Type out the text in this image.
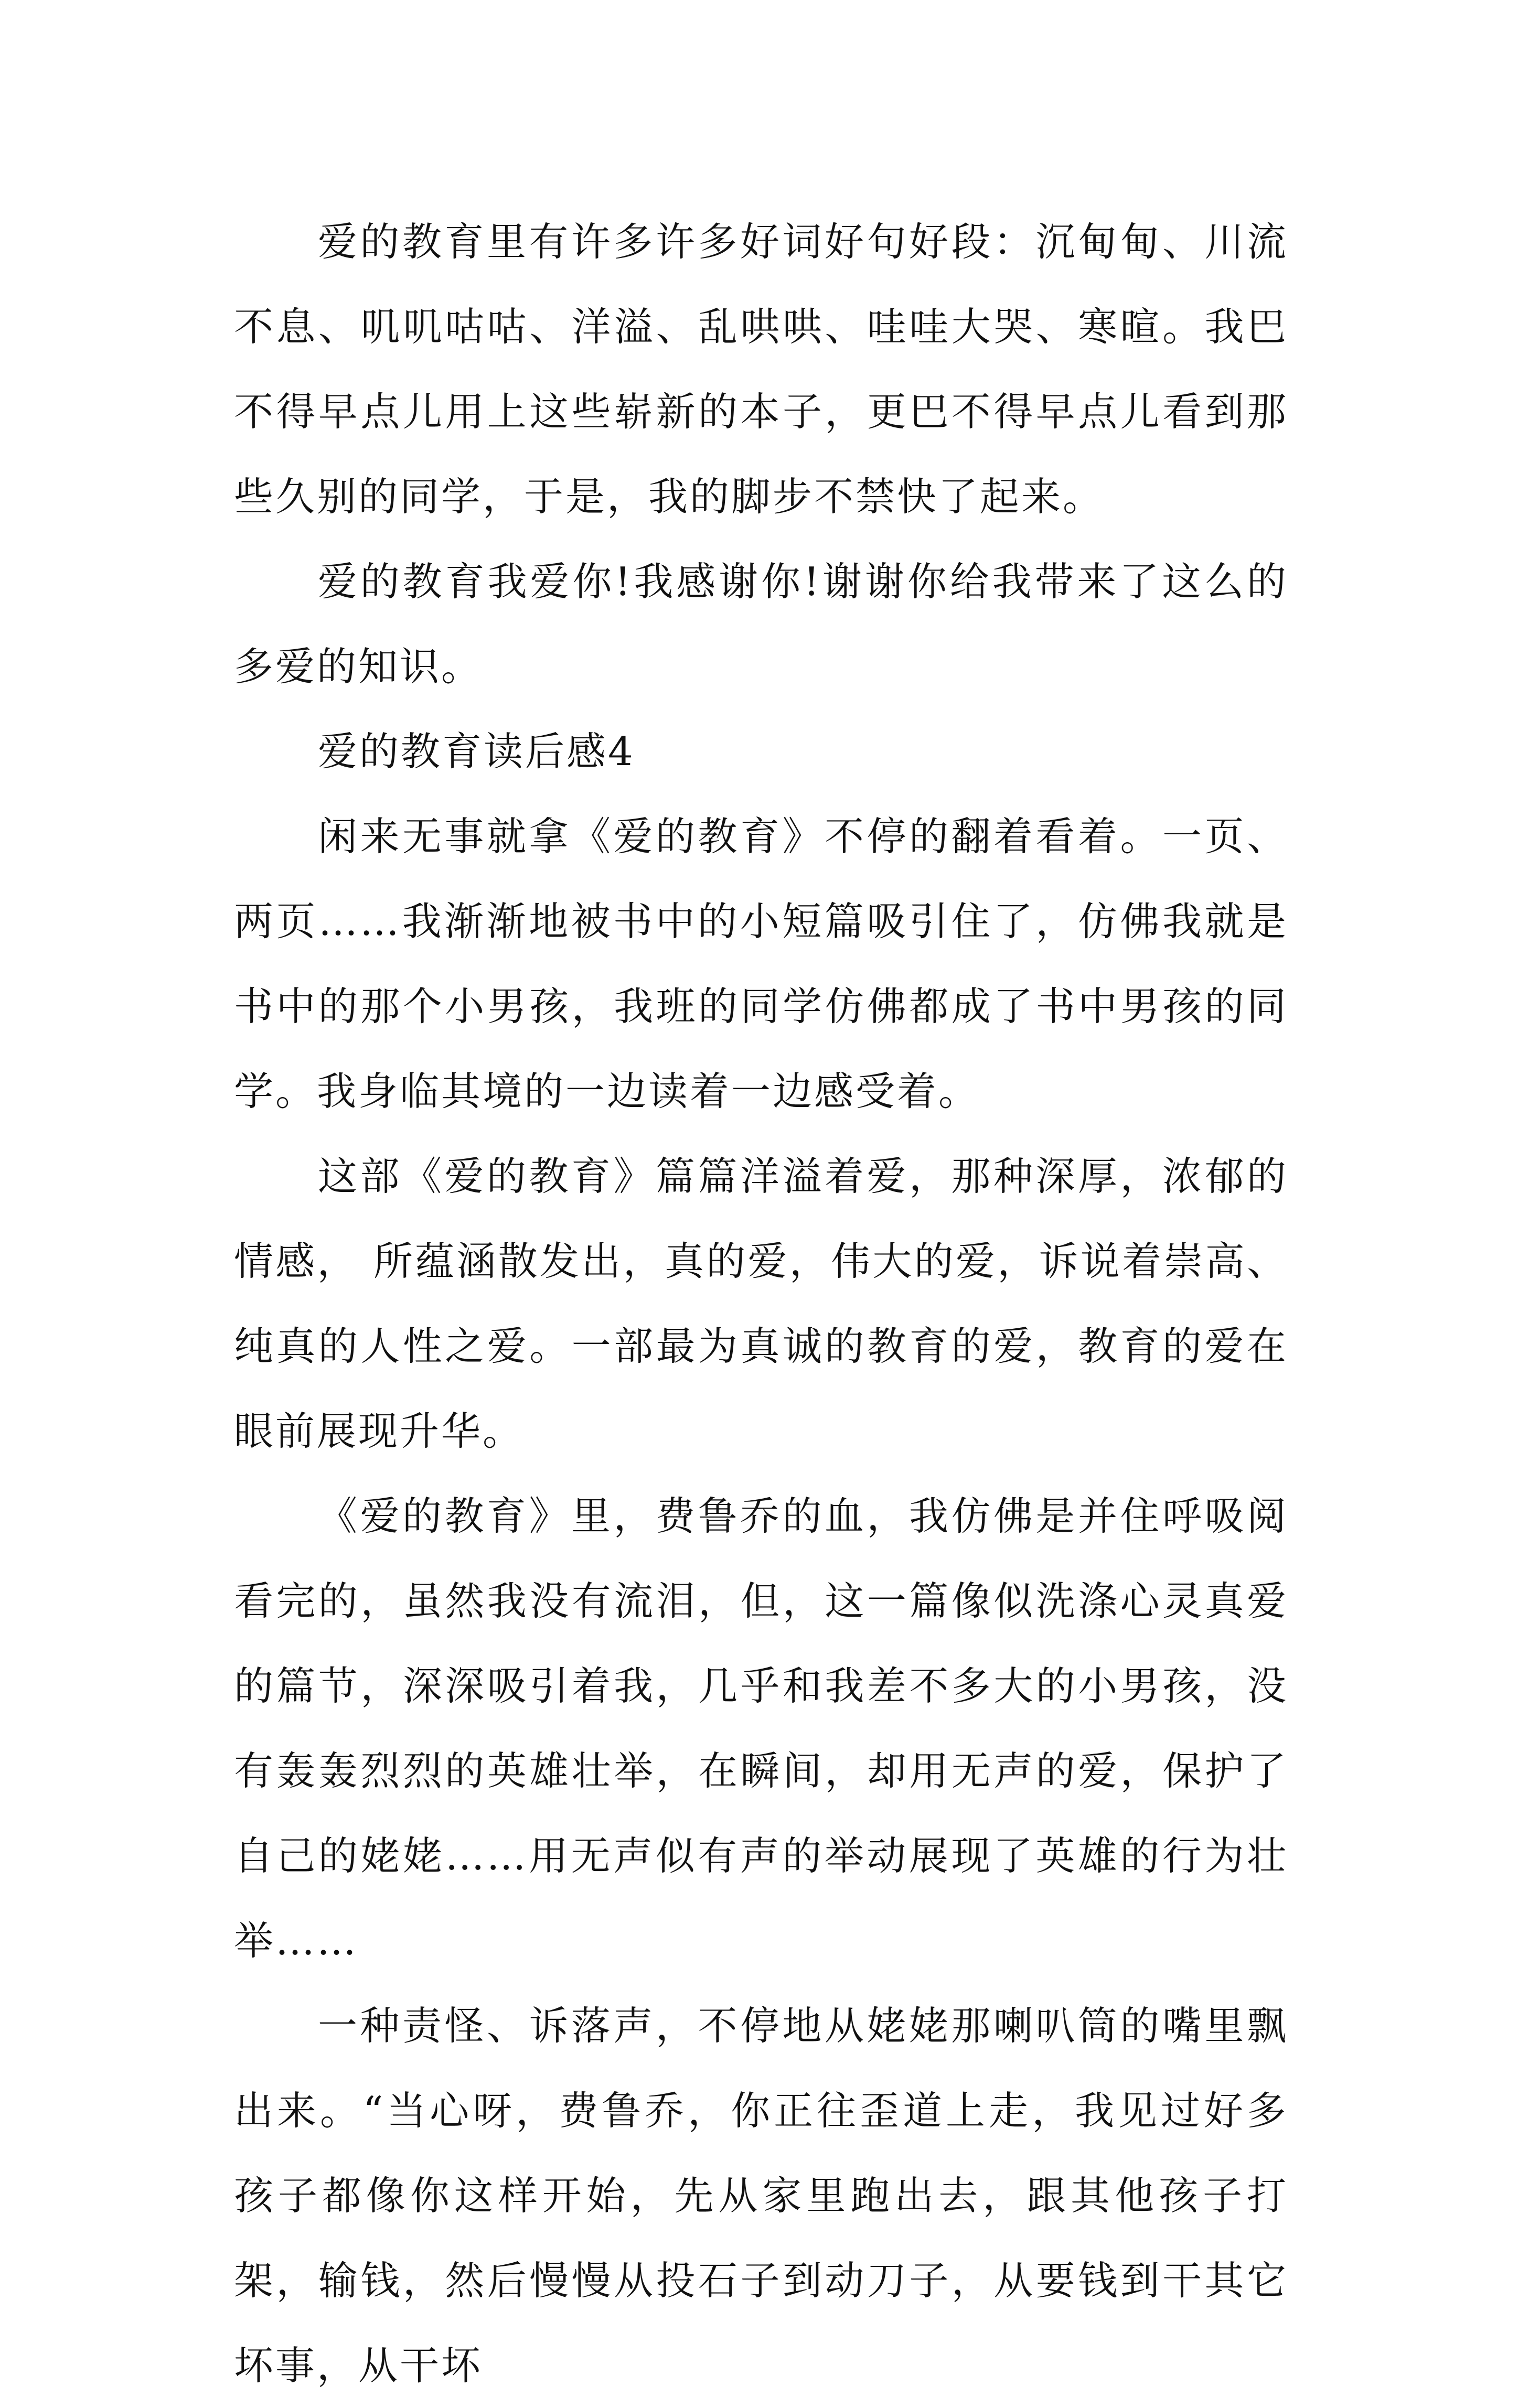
爱的教育里有许多许多好词好句好段：沉甸甸、川流不息、叽叽咕咕、洋溢、乱哄哄、哇哇大哭、寒暄。我巴不得早点儿用上这些崭新的本子，更巴不得早点儿看到那些久别的同学，于是，我的脚步不禁快了起来。

爱的教育我爱你!我感谢你!谢谢你给我带来了这么的多爱的知识。

爱的教育读后感4

闲来无事就拿《爱的教育》不停的翻着看着。一页、两页……我渐渐地被书中的小短篇吸引住了，仿佛我就是书中的那个小男孩，我班的同学仿佛都成了书中男孩的同学。我身临其境的一边读着一边感受着。

这部《爱的教育》篇篇洋溢着爱，那种深厚，浓郁的情感， 所蕴涵散发出，真的爱，伟大的爱，诉说着崇高、纯真的人性之爱。一部最为真诚的教育的爱，教育的爱在眼前展现升华。

《爱的教育》里，费鲁乔的血，我仿佛是并住呼吸阅看完的，虽然我没有流泪，但，这一篇像似洗涤心灵真爱的篇节，深深吸引着我，几乎和我差不多大的小男孩，没有轰轰烈烈的英雄壮举，在瞬间，却用无声的爱，保护了自己的姥姥……用无声似有声的举动展现了英雄的行为壮举……

一种责怪、诉落声，不停地从姥姥那喇叭筒的嘴里飘出来。“当心呀，费鲁乔，你正往歪道上走，我见过好多孩子都像你这样开始，先从家里跑出去，跟其他孩子打架，输钱，然后慢慢从投石子到动刀子，从要钱到干其它坏事，从干坏
